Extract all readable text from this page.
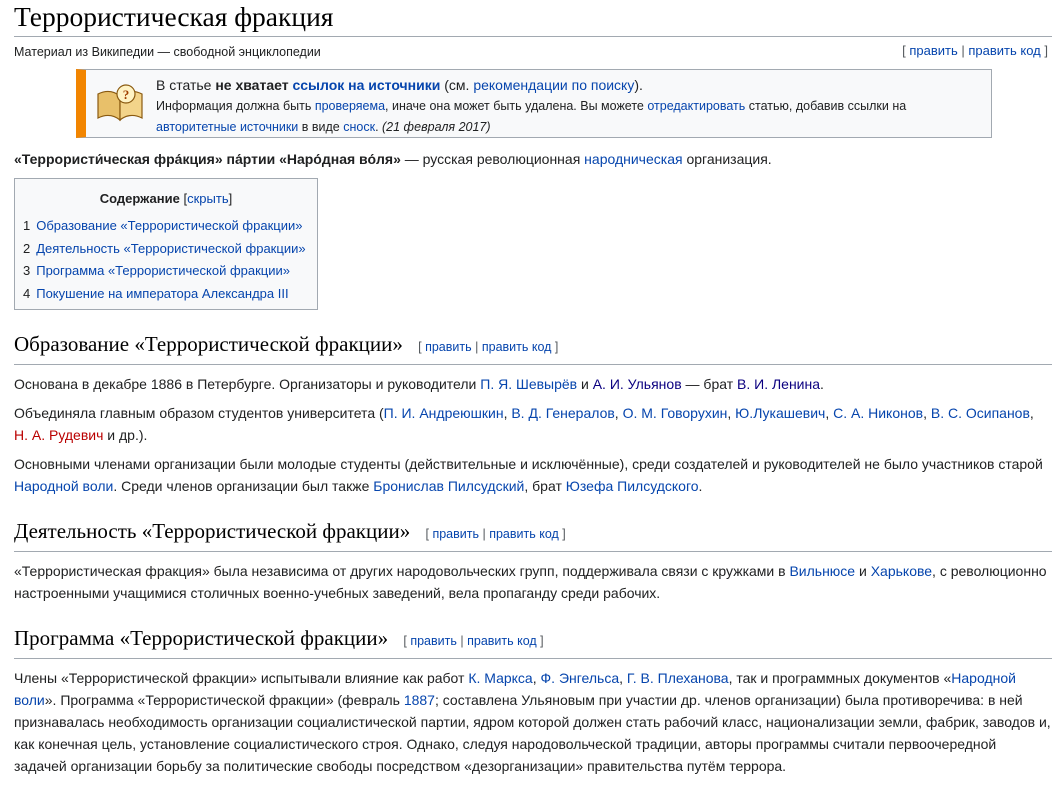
Террористическая фракция
Материал из Википедии — свободной энциклопедии	[ править | править код ]
?
В статье не хватает ссылок на источники (см. рекомендации по поиску).
Информация должна быть проверяема, иначе она может быть удалена. Вы можете отредактировать статью, добавив ссылки на
авторитетные источники в виде сноск. (21 февраля 2017)

«Террористи́ческая фра́кция» па́ртии «Наро́дная во́ля» — русская революционная народническая организация.

Содержание [скрыть]
1 Образование «Террористической фракции»
2 Деятельность «Террористической фракции»
3 Программа «Террористической фракции»
4 Покушение на императора Александра III
Образование «Террористической фракции» [ править | править код ]

Основана в декабре 1886 в Петербурге. Организаторы и руководители П. Я. Шевырёв и А. И. Ульянов — брат В. И. Ленина.

Объединяла главным образом студентов университета (П. И. Андреюшкин, В. Д. Генералов, О. М. Говорухин, Ю.Лукашевич, С. А. Никонов, В. С. Осипанов,
Н. А. Рудевич и др.).

Основными членами организации были молодые студенты (действительные и исключённые), среди создателей и руководителей не было участников старой Народной воли. Среди членов организации был также Бронислав Пилсудский, брат Юзефа Пилсудского.

Деятельность «Террористической фракции» [ править | править код ]

«Террористическая фракция» была независима от других народовольческих групп, поддерживала связи с кружками в Вильнюсе и Харькове, с революционно настроенными учащимися столичных военно-учебных заведений, вела пропаганду среди рабочих.

Программа «Террористической фракции» [ править | править код ]

Члены «Террористической фракции» испытывали влияние как работ К. Маркса, Ф. Энгельса, Г. В. Плеханова, так и программных документов «Народной воли». Программа «Террористической фракции» (февраль 1887; составлена Ульяновым при участии др. членов организации) была противоречива: в ней признавалась необходимость организации социалистической партии, ядром которой должен стать рабочий класс, национализации земли, фабрик, заводов и, как конечная цель, установление социалистического строя. Однако, следуя народовольческой традиции, авторы программы считали первоочередной задачей организации борьбу за политические свободы посредством «дезорганизации» правительства путём террора.
